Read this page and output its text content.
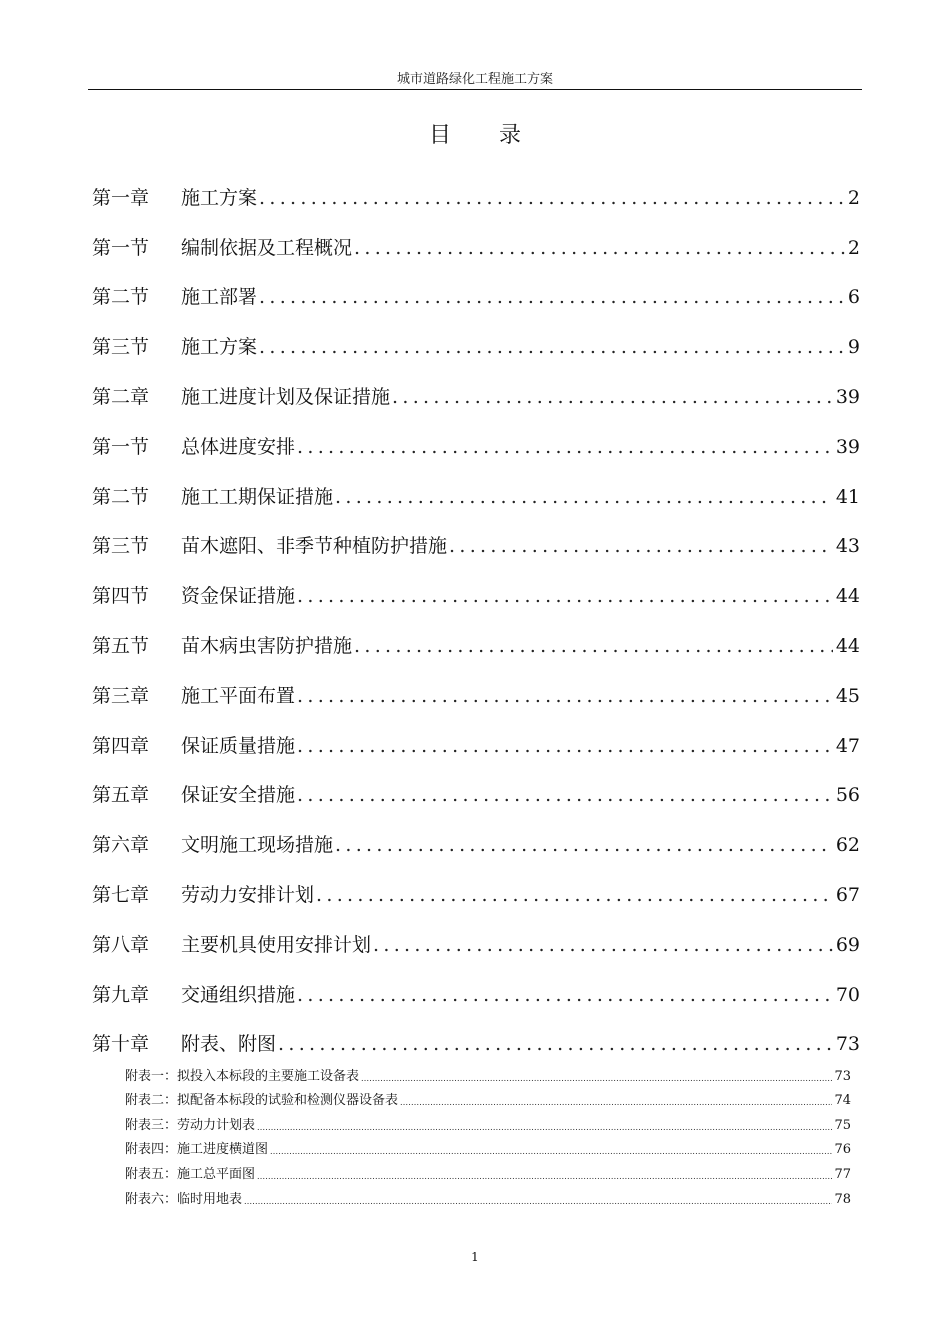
城市道路绿化工程施工方案
目录
第一章	施工方案 .....	2
第一节	编制依据及工程概况 .....	2
第二节	施工部署 .....	6
第三节	施工方案 .....	9
第二章	施工进度计划及保证措施 .....	39
第一节	总体进度安排 .....	39
第二节	施工工期保证措施 .....	41
第三节	苗木遮阳、非季节种植防护措施 .....	43
第四节	资金保证措施 .....	44
第五节	苗木病虫害防护措施 .....	44
第三章	施工平面布置 .....	45
第四章	保证质量措施 .....	47
第五章	保证安全措施 .....	56
第六章	文明施工现场措施 .....	62
第七章	劳动力安排计划 .....	67
第八章	主要机具使用安排计划 .....	69
第九章	交通组织措施 .....	70
第十章	附表、附图 .....	73
附表一：拟投入本标段的主要施工设备表 .....	73
附表二：拟配备本标段的试验和检测仪器设备表 .....	74
附表三：劳动力计划表 .....	75
附表四：施工进度横道图 .....	76
附表五：施工总平面图 .....	77
附表六：临时用地表 .....	78
1
